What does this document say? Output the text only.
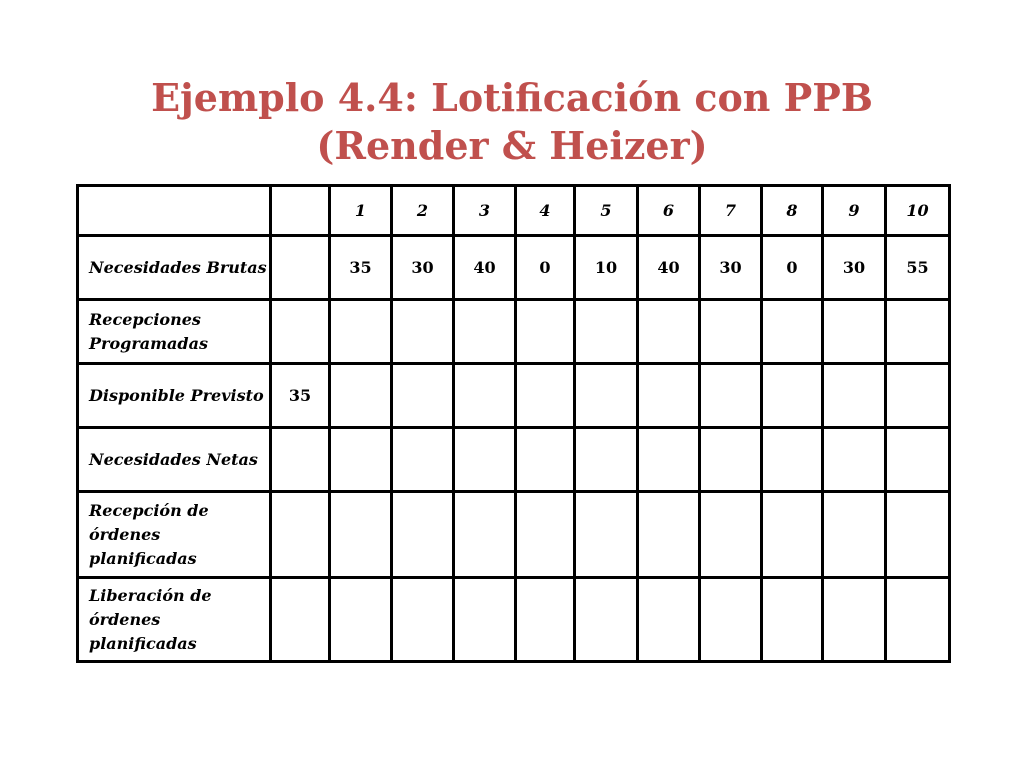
Ejemplo 4.4: Lotificación con PPB
(Render & Heizer)
		1	2	3	4	5	6	7	8	9	10
Necesidades Brutas		35	30	40	0	10	40	30	0	30	55
Recepciones Programadas											
Disponible Previsto	35										
Necesidades Netas											
Recepción de órdenes planificadas											
Liberación de órdenes planificadas											
